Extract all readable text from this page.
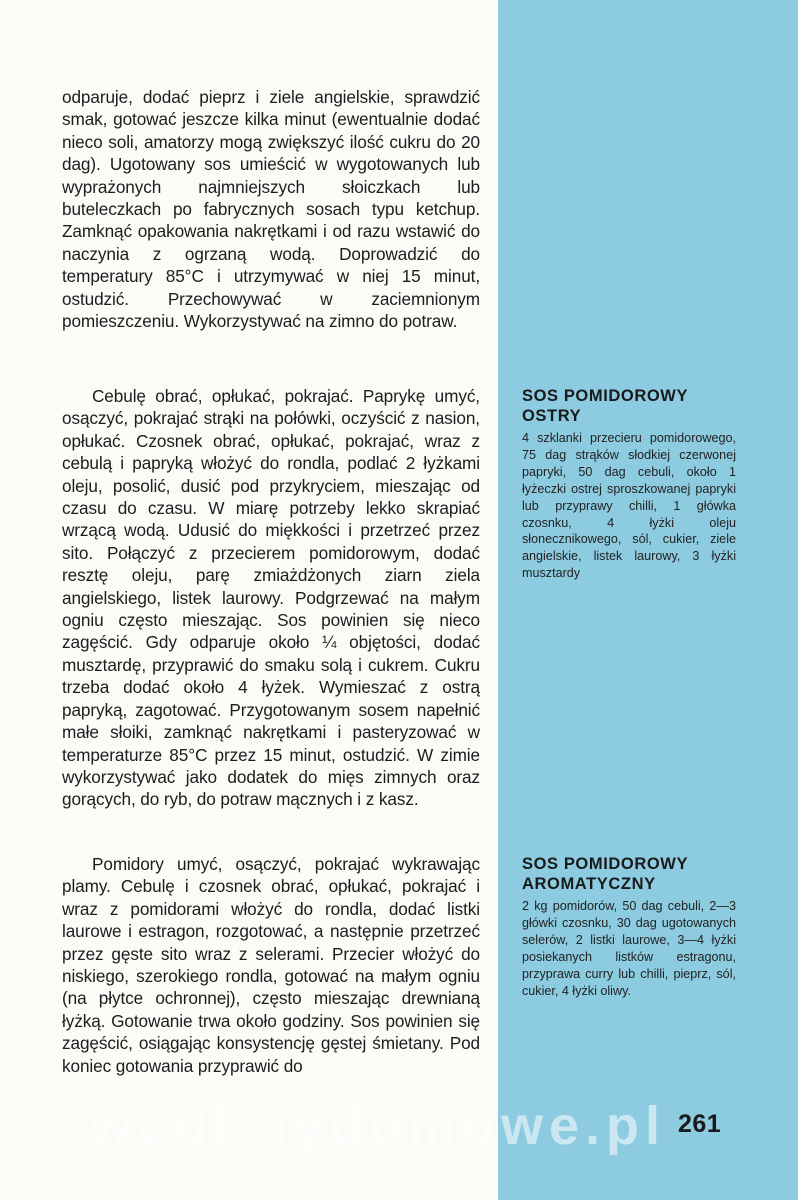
odparuje, dodać pieprz i ziele angielskie, sprawdzić smak, gotować jeszcze kilka minut (ewentualnie dodać nieco soli, amatorzy mogą zwiększyć ilość cukru do 20 dag). Ugotowany sos umieścić w wygotowanych lub wyprażonych najmniejszych słoiczkach lub buteleczkach po fabrycznych sosach typu ketchup. Zamknąć opakowania nakrętkami i od razu wstawić do naczynia z ogrzaną wodą. Doprowadzić do temperatury 85°C i utrzymywać w niej 15 minut, ostudzić. Przechowywać w zaciemnionym pomieszczeniu. Wykorzystywać na zimno do potraw.

Cebulę obrać, opłukać, pokrajać. Paprykę umyć, osączyć, pokrajać strąki na połówki, oczyścić z nasion, opłukać. Czosnek obrać, opłukać, pokrajać, wraz z cebulą i papryką włożyć do rondla, podlać 2 łyżkami oleju, posolić, dusić pod przykryciem, mieszając od czasu do czasu. W miarę potrzeby lekko skrapiać wrzącą wodą. Udusić do miękkości i przetrzeć przez sito. Połączyć z przecierem pomidorowym, dodać resztę oleju, parę zmiażdżonych ziarn ziela angielskiego, listek laurowy. Podgrzewać na małym ogniu często mieszając. Sos powinien się nieco zagęścić. Gdy odparuje około ¼ objętości, dodać musztardę, przyprawić do smaku solą i cukrem. Cukru trzeba dodać około 4 łyżek. Wymieszać z ostrą papryką, zagotować. Przygotowanym sosem napełnić małe słoiki, zamknąć nakrętkami i pasteryzować w temperaturze 85°C przez 15 minut, ostudzić. W zimie wykorzystywać jako dodatek do mięs zimnych oraz gorących, do ryb, do potraw mącznych i z kasz.

Pomidory umyć, osączyć, pokrajać wykrawając plamy. Cebulę i czosnek obrać, opłukać, pokrajać i wraz z pomidorami włożyć do rondla, dodać listki laurowe i estragon, rozgotować, a następnie przetrzeć przez gęste sito wraz z selerami. Przecier włożyć do niskiego, szerokiego rondla, gotować na małym ogniu (na płytce ochronnej), często mieszając drewnianą łyżką. Gotowanie trwa około godziny. Sos powinien się zagęścić, osiągając konsystencję gęstej śmietany. Pod koniec gotowania przyprawić do

SOS POMIDOROWY OSTRY

4 szklanki przecieru pomidorowego, 75 dag strąków słodkiej czerwonej papryki, 50 dag cebuli, około 1 łyżeczki ostrej sproszkowanej papryki lub przyprawy chilli, 1 główka czosnku, 4 łyżki oleju słonecznikowego, sól, cukier, ziele angielskie, listek laurowy, 3 łyżki musztardy

SOS POMIDOROWY AROMATYCZNY

2 kg pomidorów, 50 dag cebuli, 2—3 główki czosnku, 30 dag ugotowanych selerów, 2 listki laurowe, 3—4 łyżki posiekanych listków estragonu, przyprawa curry lub chilli, pieprz, sól, cukier, 4 łyżki oliwy.

wedlinydomowe.pl 261
